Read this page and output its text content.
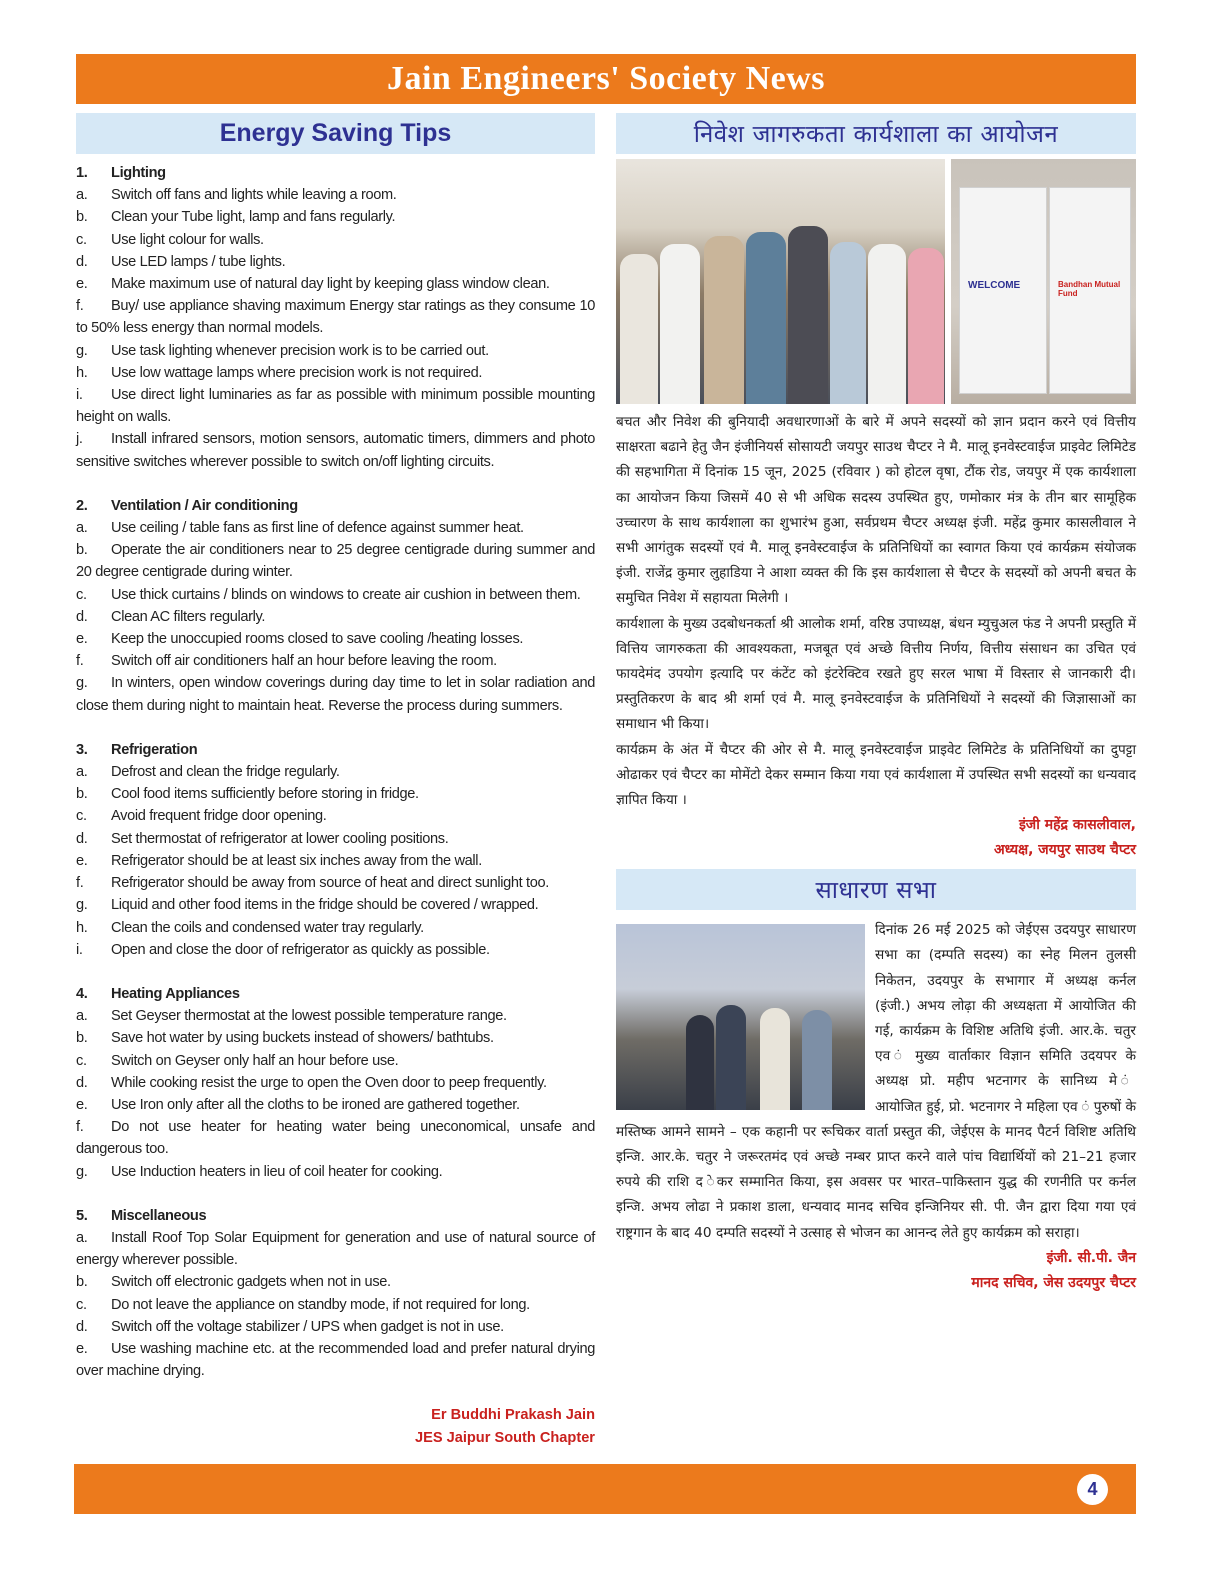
Jain Engineers' Society News
Energy Saving Tips
1. Lighting
a. Switch off fans and lights while leaving a room.
b. Clean your Tube light, lamp and fans regularly.
c. Use light colour for walls.
d. Use LED lamps / tube lights.
e. Make maximum use of natural day light by keeping glass window clean.
f. Buy/ use appliance shaving maximum Energy star ratings as they consume 10 to 50% less energy than normal models.
g. Use task lighting whenever precision work is to be carried out.
h. Use low wattage lamps where precision work is not required.
i. Use direct light luminaries as far as possible with minimum possible mounting height on walls.
j. Install infrared sensors, motion sensors, automatic timers, dimmers and photo sensitive switches wherever possible to switch on/off lighting circuits.
2. Ventilation / Air conditioning
a. Use ceiling / table fans as first line of defence against summer heat.
b. Operate the air conditioners near to 25 degree centigrade during summer and 20 degree centigrade during winter.
c. Use thick curtains / blinds on windows to create air cushion in between them.
d. Clean AC filters regularly.
e. Keep the unoccupied rooms closed to save cooling /heating losses.
f. Switch off air conditioners half an hour before leaving the room.
g. In winters, open window coverings during day time to let in solar radiation and close them during night to maintain heat. Reverse the process during summers.
3. Refrigeration
a. Defrost and clean the fridge regularly.
b. Cool food items sufficiently before storing in fridge.
c. Avoid frequent fridge door opening.
d. Set thermostat of refrigerator at lower cooling positions.
e. Refrigerator should be at least six inches away from the wall.
f. Refrigerator should be away from source of heat and direct sunlight too.
g. Liquid and other food items in the fridge should be covered / wrapped.
h. Clean the coils and condensed water tray regularly.
i. Open and close the door of refrigerator as quickly as possible.
4. Heating Appliances
a. Set Geyser thermostat at the lowest possible temperature range.
b. Save hot water by using buckets instead of showers/ bathtubs.
c. Switch on Geyser only half an hour before use.
d. While cooking resist the urge to open the Oven door to peep frequently.
e. Use Iron only after all the cloths to be ironed are gathered together.
f. Do not use heater for heating water being uneconomical, unsafe and dangerous too.
g. Use Induction heaters in lieu of coil heater for cooking.
5. Miscellaneous
a. Install Roof Top Solar Equipment for generation and use of natural source of energy wherever possible.
b. Switch off electronic gadgets when not in use.
c. Do not leave the appliance on standby mode, if not required for long.
d. Switch off the voltage stabilizer / UPS when gadget is not in use.
e. Use washing machine etc. at the recommended load and prefer natural drying over machine drying.
Er Buddhi Prakash Jain
JES Jaipur South Chapter
निवेश जागरुकता कार्यशाला का आयोजन
WELCOME	Bandhan Mutual Fund

बचत और निवेश की बुनियादी अवधारणाओं के बारे में अपने सदस्यों को ज्ञान प्रदान करने एवं वित्तीय साक्षरता बढाने हेतु जैन इंजीनियर्स सोसायटी जयपुर साउथ चैप्टर ने मै. मालू इनवेस्टवाईज प्राइवेट लिमिटेड की सहभागिता में दिनांक 15 जून, 2025 (रविवार ) को होटल वृषा, टौंक रोड, जयपुर में एक कार्यशाला का आयोजन किया जिसमें 40 से भी अधिक सदस्य उपस्थित हुए, णमोकार मंत्र के तीन बार सामूहिक उच्चारण के साथ कार्यशाला का शुभारंभ हुआ, सर्वप्रथम चैप्टर अध्यक्ष इंजी. महेंद्र कुमार कासलीवाल ने सभी आगंतुक सदस्यों एवं मै. मालू इनवेस्टवाईज के प्रतिनिधियों का स्वागत किया एवं कार्यक्रम संयोजक इंजी. राजेंद्र कुमार लुहाडिया ने आशा व्यक्त की कि इस कार्यशाला से चैप्टर के सदस्यों को अपनी बचत के समुचित निवेश में सहायता मिलेगी ।

कार्यशाला के मुख्य उदबोधनकर्ता श्री आलोक शर्मा, वरिष्ठ उपाध्यक्ष, बंधन म्युचुअल फंड ने अपनी प्रस्तुति में वित्तिय जागरुकता की आवश्यकता, मजबूत एवं अच्छे वित्तीय निर्णय, वित्तीय संसाधन का उचित एवं फायदेमंद उपयोग इत्यादि पर कंटेंट को इंटरेक्टिव रखते हुए सरल भाषा में विस्तार से जानकारी दी। प्रस्तुतिकरण के बाद श्री शर्मा एवं मै. मालू इनवेस्टवाईज के प्रतिनिधियों ने सदस्यों की जिज्ञासाओं का समाधान भी किया।

कार्यक्रम के अंत में चैप्टर की ओर से मै. मालू इनवेस्टवाईज प्राइवेट लिमिटेड के प्रतिनिधियों का दुपट्टा ओढाकर एवं चैप्टर का मोमेंटो देकर सम्मान किया गया एवं कार्यशाला में उपस्थित सभी सदस्यों का धन्यवाद ज्ञापित किया ।

इंजी महेंद्र कासलीवाल,
अध्यक्ष, जयपुर साउथ चैप्टर
साधारण सभा
दिनांक 26 मई 2025 को जेईएस उदयपुर साधारण सभा का (दम्पति सदस्य) का स्नेह मिलन तुलसी निकेतन, उदयपुर के सभागार में अध्यक्ष कर्नल (इंजी.) अभय लोढ़ा की अध्यक्षता में आयोजित की गई, कार्यक्रम के विशिष्ट अतिथि इंजी. आर.के. चतुर एव ं मुख्य वार्ताकार विज्ञान समिति उदयपर के अध्यक्ष प्रो. महीप भटनागर के सानिध्य मे ं आयोजित हुई, प्रो. भटनागर ने महिला एव ं पुरुषों के मस्तिष्क आमने सामने – एक कहानी पर रूचिकर वार्ता प्रस्तुत की, जेईएस के मानद पैटर्न विशिष्ट अतिथि इन्जि. आर.के. चतुर ने जरूरतमंद एवं अच्छे नम्बर प्राप्त करने वाले पांच विद्यार्थियों को 21–21 हजार रुपये की राशि द ेकर सम्मानित किया, इस अवसर पर भारत–पाकिस्तान युद्ध की रणनीति पर कर्नल इन्जि. अभय लोढा ने प्रकाश डाला, धन्यवाद मानद सचिव इन्जिनियर सी. पी. जैन द्वारा दिया गया एवं राष्ट्रगान के बाद 40 दम्पति सदस्यों ने उत्साह से भोजन का आनन्द लेते हुए कार्यक्रम को सराहा।
इंजी. सी.पी. जैन
मानद सचिव, जेस उदयपुर चैप्टर
4
